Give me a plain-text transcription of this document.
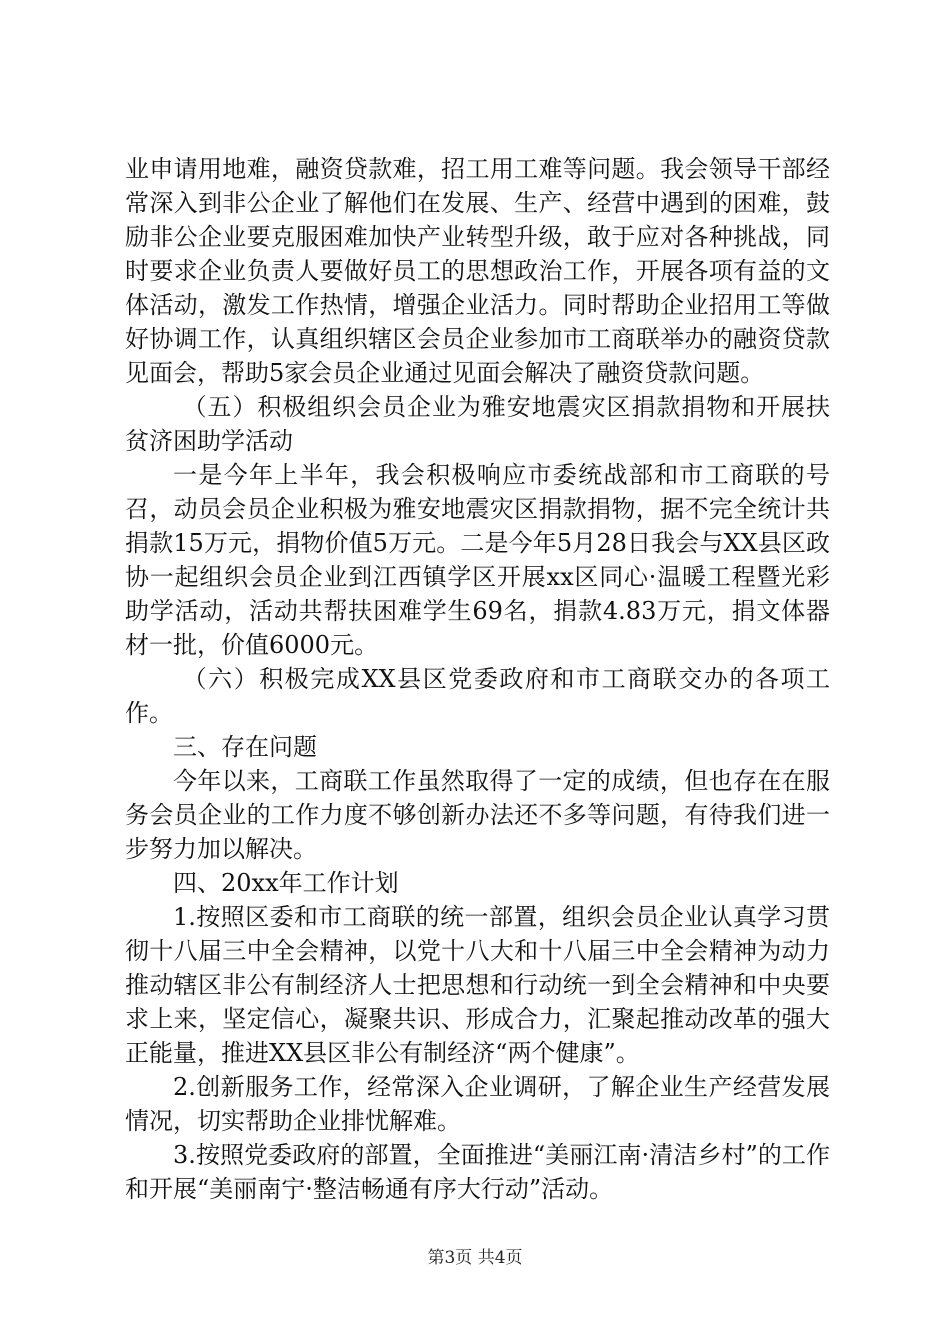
业申请用地难，融资贷款难，招工用工难等问题。我会领导干部经常深入到非公企业了解他们在发展、生产、经营中遇到的困难，鼓励非公企业要克服困难加快产业转型升级，敢于应对各种挑战，同时要求企业负责人要做好员工的思想政治工作，开展各项有益的文体活动，激发工作热情，增强企业活力。同时帮助企业招用工等做好协调工作，认真组织辖区会员企业参加市工商联举办的融资贷款见面会，帮助5家会员企业通过见面会解决了融资贷款问题。

（五）积极组织会员企业为雅安地震灾区捐款捐物和开展扶贫济困助学活动

一是今年上半年，我会积极响应市委统战部和市工商联的号召，动员会员企业积极为雅安地震灾区捐款捐物，据不完全统计共捐款15万元，捐物价值5万元。二是今年5月28日我会与XX县区政协一起组织会员企业到江西镇学区开展xx区同心·温暖工程暨光彩助学活动，活动共帮扶困难学生69名，捐款4.83万元，捐文体器材一批，价值6000元。

（六）积极完成XX县区党委政府和市工商联交办的各项工作。

三、存在问题

今年以来，工商联工作虽然取得了一定的成绩，但也存在在服务会员企业的工作力度不够创新办法还不多等问题，有待我们进一步努力加以解决。

四、20xx年工作计划

1.按照区委和市工商联的统一部置，组织会员企业认真学习贯彻十八届三中全会精神，以党十八大和十八届三中全会精神为动力推动辖区非公有制经济人士把思想和行动统一到全会精神和中央要求上来，坚定信心，凝聚共识、形成合力，汇聚起推动改革的强大正能量，推进XX县区非公有制经济“两个健康”。

2.创新服务工作，经常深入企业调研，了解企业生产经营发展情况，切实帮助企业排忧解难。

3.按照党委政府的部置，全面推进“美丽江南·清洁乡村”的工作和开展“美丽南宁·整洁畅通有序大行动”活动。

第3页 共4页
